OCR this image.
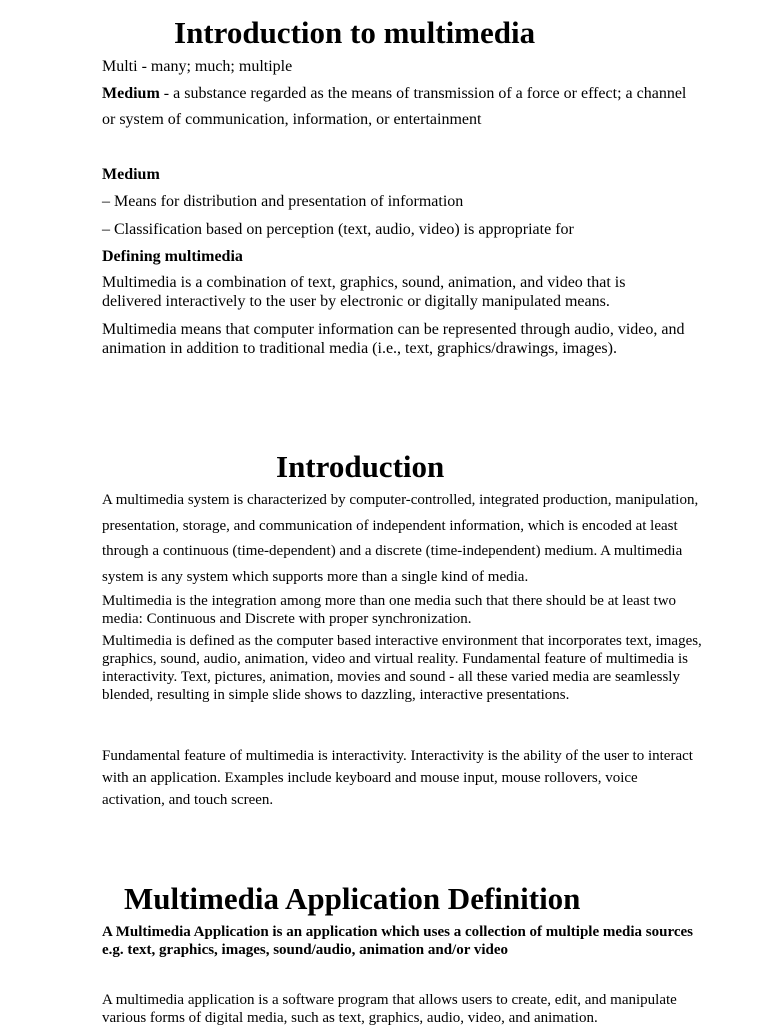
Introduction to multimedia
Multi - many; much; multiple
Medium - a substance regarded as the means of transmission of a force or effect; a channel or system of communication, information, or entertainment
Medium
– Means for distribution and presentation of information
– Classification based on perception (text, audio, video) is appropriate for
Defining multimedia
Multimedia is a combination of text, graphics, sound, animation, and video that is delivered interactively to the user by electronic or digitally manipulated means.
Multimedia means that computer information can be represented through audio, video, and animation in addition to traditional media (i.e., text, graphics/drawings, images).
Introduction
A multimedia system is characterized by computer-controlled, integrated production, manipulation, presentation, storage, and communication of independent information, which is encoded at least through a continuous (time-dependent) and a discrete (time-independent) medium. A multimedia system is any system which supports more than a single kind of media.
Multimedia is the integration among more than one media such that there should be at least two media: Continuous and Discrete with proper synchronization.
Multimedia is defined as the computer based interactive environment that incorporates text, images, graphics, sound, audio, animation, video and virtual reality. Fundamental feature of multimedia is interactivity. Text, pictures, animation, movies and sound - all these varied media are seamlessly blended, resulting in simple slide shows to dazzling, interactive presentations.
Fundamental feature of multimedia is interactivity. Interactivity is the ability of the user to interact with an application. Examples include keyboard and mouse input, mouse rollovers, voice activation, and touch screen.
Multimedia Application Definition
A Multimedia Application is an application which uses a collection of multiple media sources e.g. text, graphics, images, sound/audio, animation and/or video
A multimedia application is a software program that allows users to create, edit, and manipulate various forms of digital media, such as text, graphics, audio, video, and animation.
